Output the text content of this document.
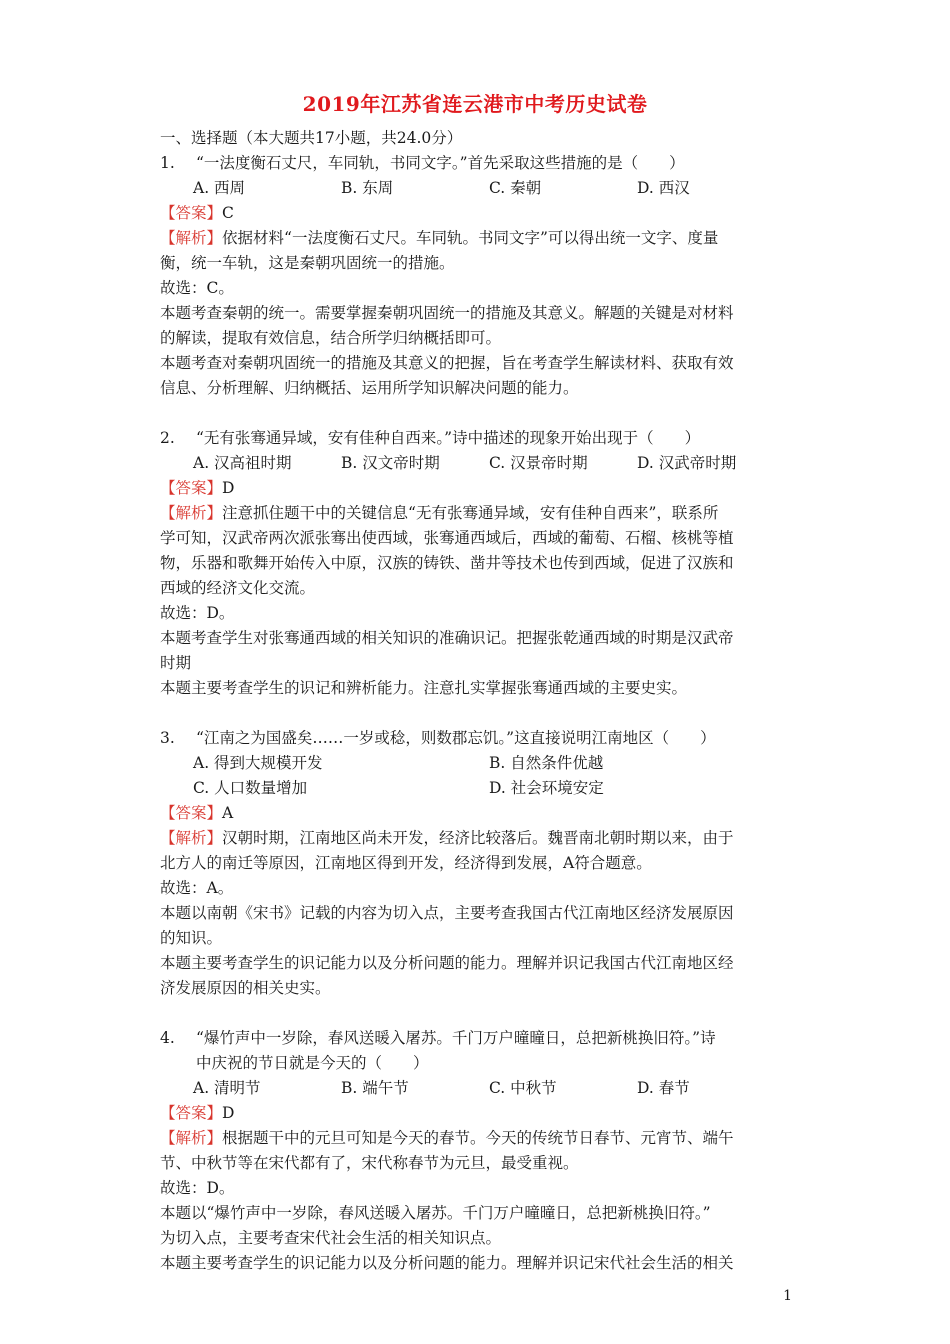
2019年江苏省连云港市中考历史试卷
一、选择题（本大题共17小题，共24.0分）
1. “一法度衡石丈尺，车同轨，书同文字。”首先采取这些措施的是（　　）
A. 西周	B. 东周	C. 秦朝	D. 西汉
【答案】C
【解析】依据材料“一法度衡石丈尺。车同轨。书同文字”可以得出统一文字、度量
衡，统一车轨，这是秦朝巩固统一的措施。
故选：C。
本题考查秦朝的统一。需要掌握秦朝巩固统一的措施及其意义。解题的关键是对材料
的解读，提取有效信息，结合所学归纳概括即可。
本题考查对秦朝巩固统一的措施及其意义的把握，旨在考查学生解读材料、获取有效
信息、分析理解、归纳概括、运用所学知识解决问题的能力。
2. “无有张骞通异域，安有佳种自西来。”诗中描述的现象开始出现于（　　）
A. 汉高祖时期	B. 汉文帝时期	C. 汉景帝时期	D. 汉武帝时期
【答案】D
【解析】注意抓住题干中的关键信息“无有张骞通异域，安有佳种自西来”，联系所
学可知，汉武帝两次派张骞出使西域，张骞通西域后，西域的葡萄、石榴、核桃等植
物，乐器和歌舞开始传入中原，汉族的铸铁、凿井等技术也传到西域，促进了汉族和
西域的经济文化交流。
故选：D。
本题考查学生对张骞通西域的相关知识的准确识记。把握张乾通西域的时期是汉武帝
时期
本题主要考查学生的识记和辨析能力。注意扎实掌握张骞通西域的主要史实。
3. “江南之为国盛矣……一岁或稔，则数郡忘饥。”这直接说明江南地区（　　）
A. 得到大规模开发	B. 自然条件优越
C. 人口数量增加	D. 社会环境安定
【答案】A
【解析】汉朝时期，江南地区尚未开发，经济比较落后。魏晋南北朝时期以来，由于
北方人的南迁等原因，江南地区得到开发，经济得到发展，A符合题意。
故选：A。
本题以南朝《宋书》记载的内容为切入点，主要考查我国古代江南地区经济发展原因
的知识。
本题主要考查学生的识记能力以及分析问题的能力。理解并识记我国古代江南地区经
济发展原因的相关史实。
4. “爆竹声中一岁除，春风送暖入屠苏。千门万户曈曈日，总把新桃换旧符。”诗
中庆祝的节日就是今天的（　　）
A. 清明节	B. 端午节	C. 中秋节	D. 春节
【答案】D
【解析】根据题干中的元旦可知是今天的春节。今天的传统节日春节、元宵节、端午
节、中秋节等在宋代都有了，宋代称春节为元旦，最受重视。
故选：D。
本题以“爆竹声中一岁除，春风送暖入屠苏。千门万户曈曈日，总把新桃换旧符。”
为切入点，主要考查宋代社会生活的相关知识点。
本题主要考查学生的识记能力以及分析问题的能力。理解并识记宋代社会生活的相关
1
